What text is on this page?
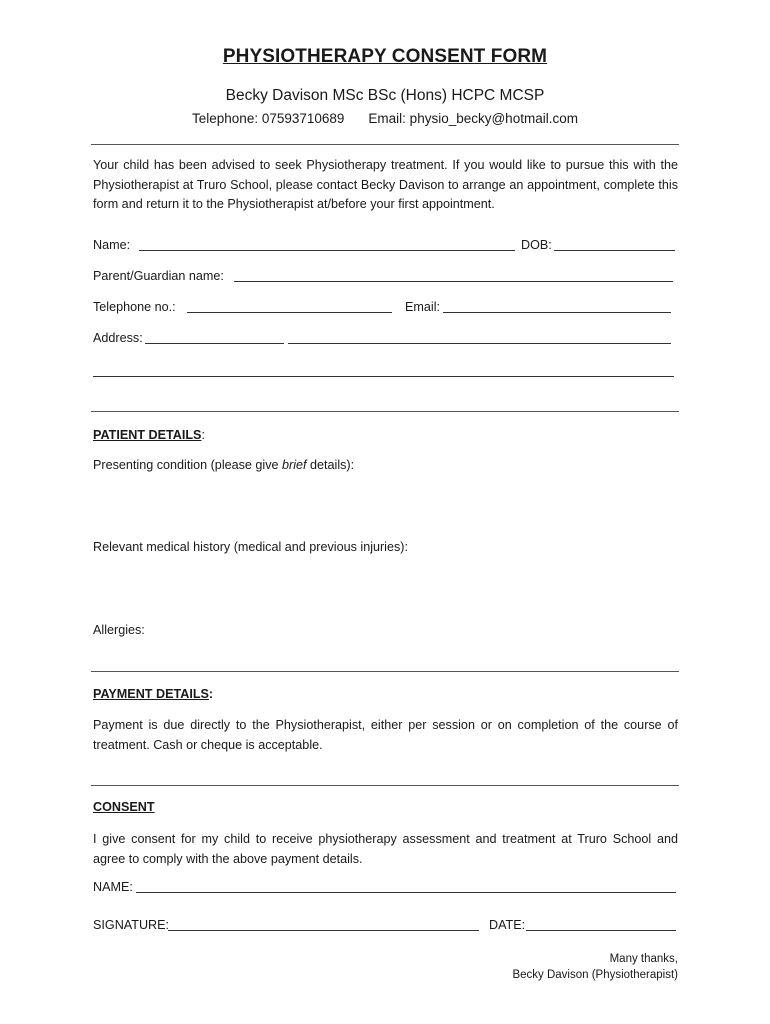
PHYSIOTHERAPY CONSENT FORM
Becky Davison MSc BSc (Hons) HCPC MCSP
Telephone: 07593710689 Email: physio_becky@hotmail.com
Your child has been advised to seek Physiotherapy treatment. If you would like to pursue this with the Physiotherapist at Truro School, please contact Becky Davison to arrange an appointment, complete this form and return it to the Physiotherapist at/before your first appointment.
Name:	DOB:
Parent/Guardian name:
Telephone no.:	Email:
Address:
PATIENT DETAILS:
Presenting condition (please give brief details):
Relevant medical history (medical and previous injuries):
Allergies:
PAYMENT DETAILS:
Payment is due directly to the Physiotherapist, either per session or on completion of the course of treatment. Cash or cheque is acceptable.
CONSENT
I give consent for my child to receive physiotherapy assessment and treatment at Truro School and agree to comply with the above payment details.
NAME:
SIGNATURE:	DATE:
Many thanks,
Becky Davison (Physiotherapist)
